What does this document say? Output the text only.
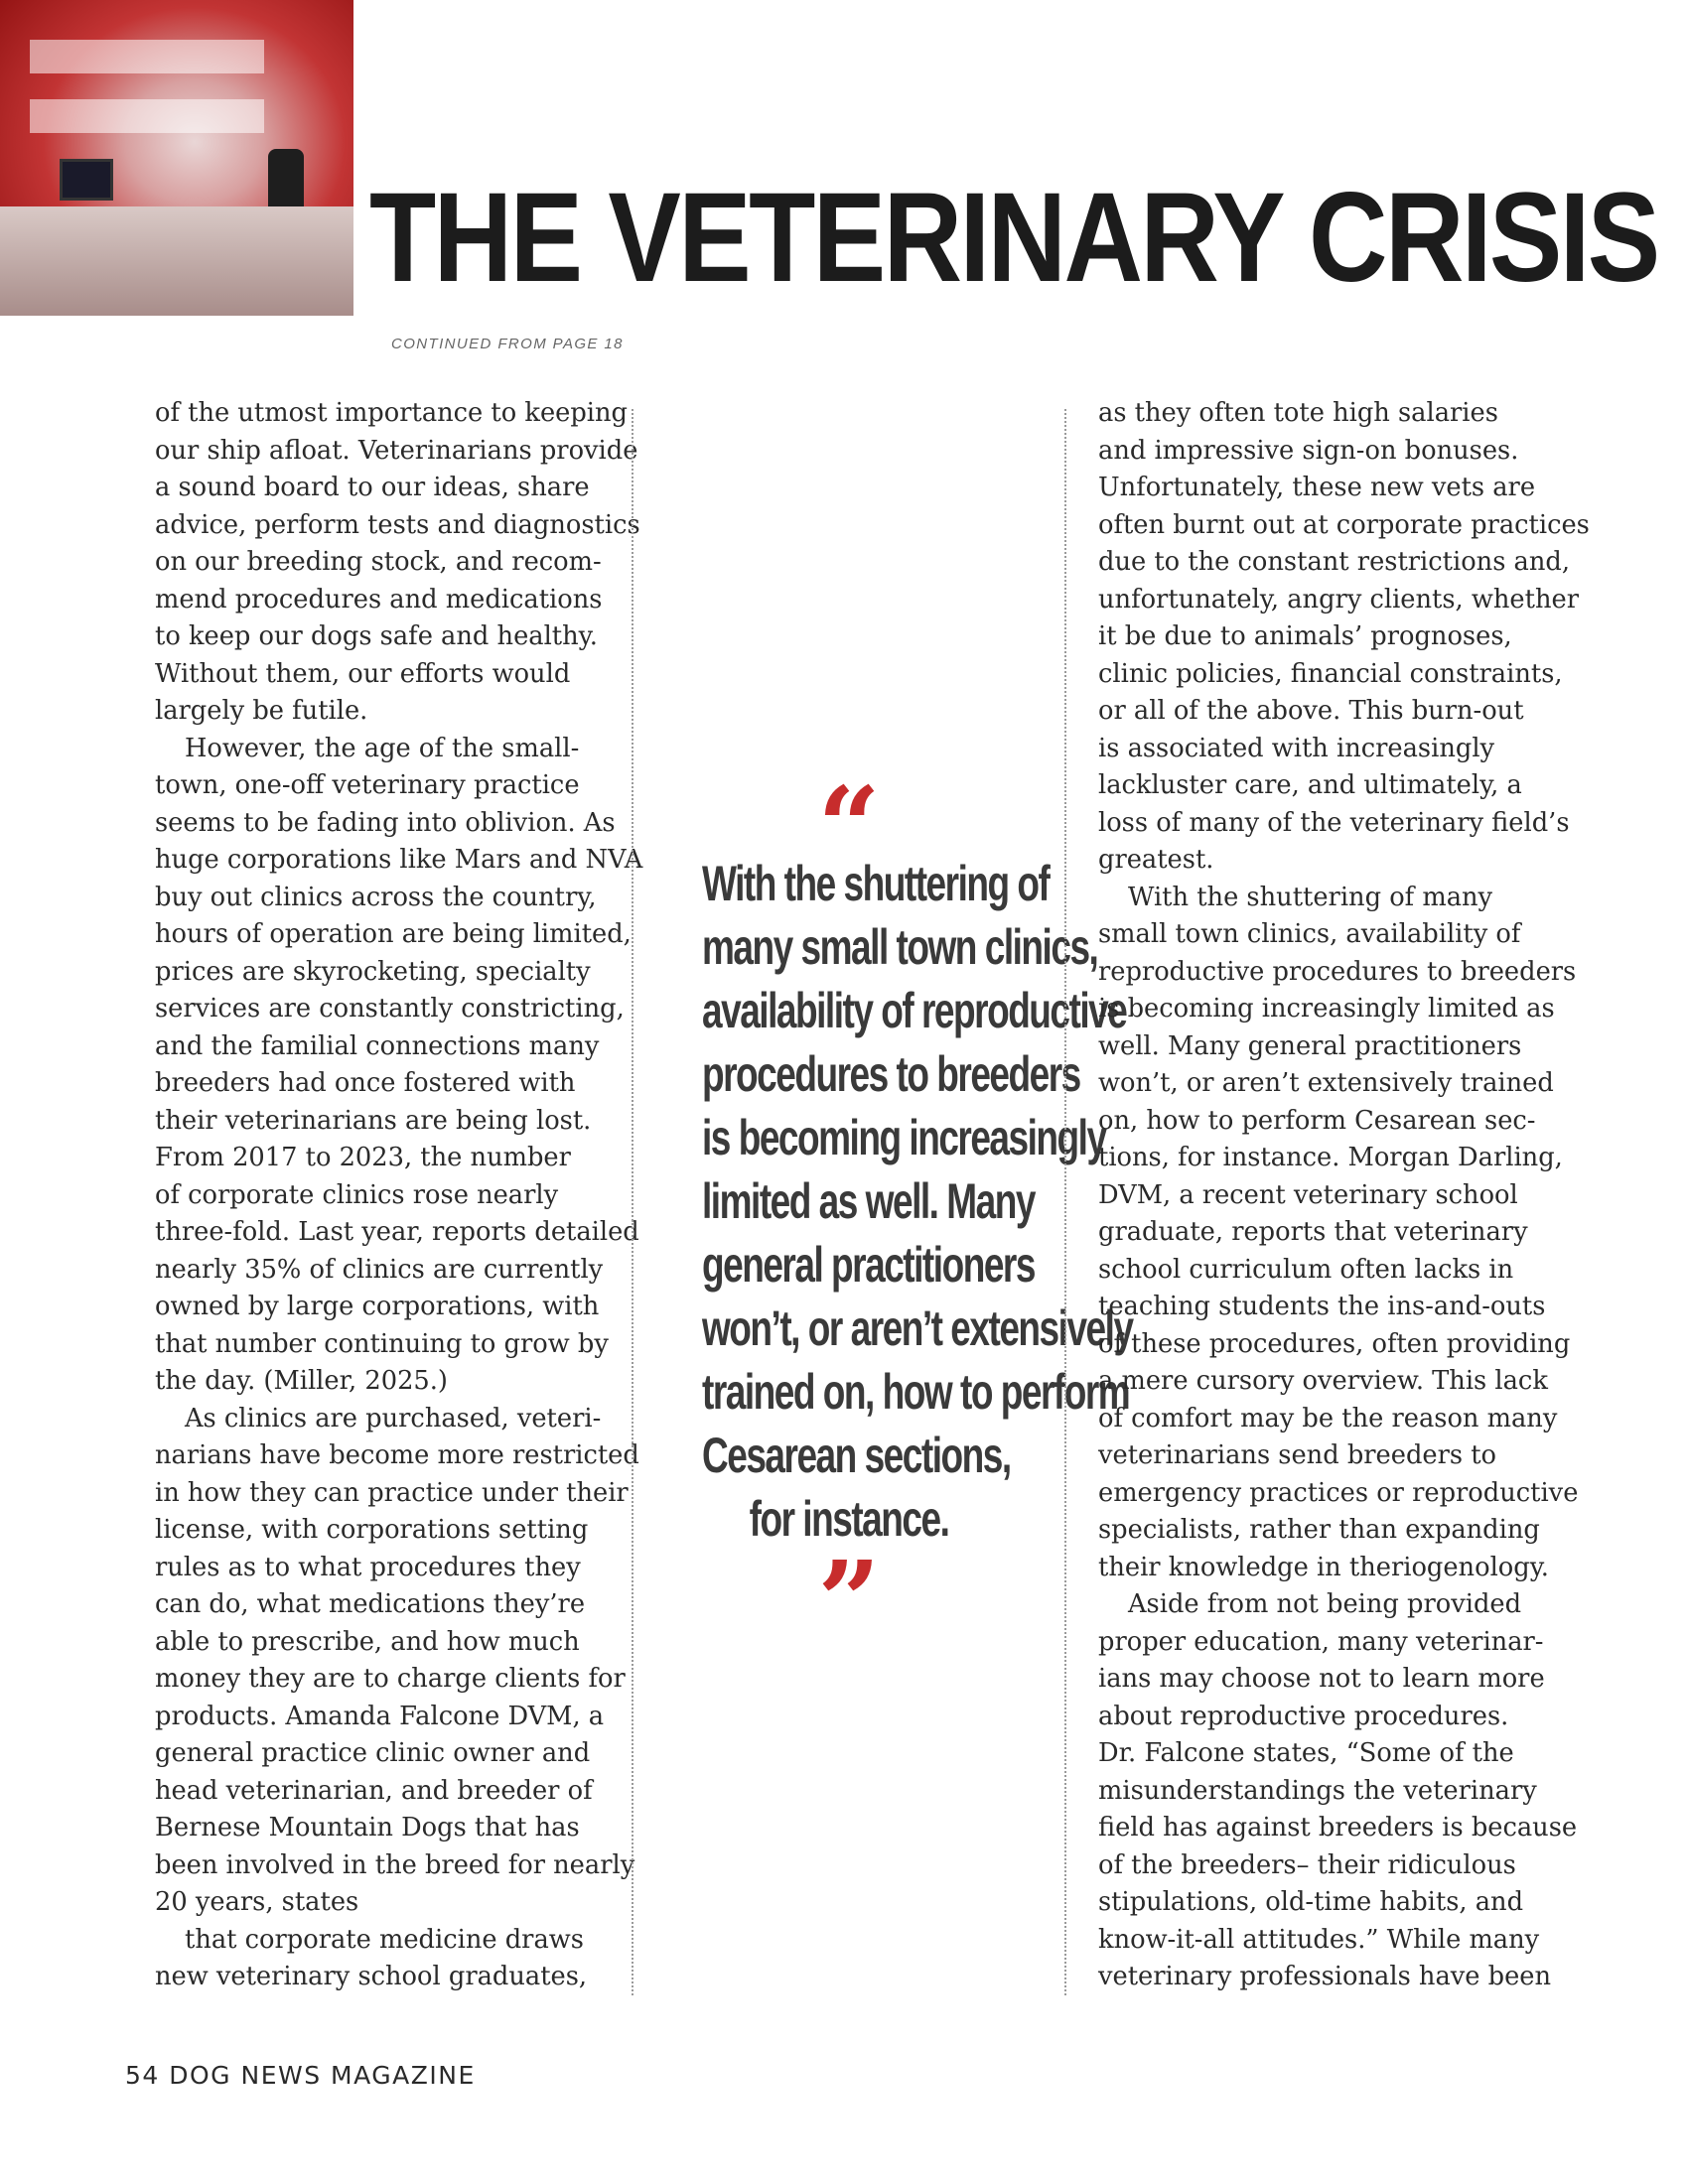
THE VETERINARY CRISIS
CONTINUED FROM PAGE 18

of the utmost importance to keeping
our ship afloat. Veterinarians provide
a sound board to our ideas, share
advice, perform tests and diagnostics
on our breeding stock, and recom-
mend procedures and medications
to keep our dogs safe and healthy.
Without them, our efforts would
largely be futile.

However, the age of the small-
town, one-off veterinary practice
seems to be fading into oblivion. As
huge corporations like Mars and NVA
buy out clinics across the country,
hours of operation are being limited,
prices are skyrocketing, specialty
services are constantly constricting,
and the familial connections many
breeders had once fostered with
their veterinarians are being lost.
From 2017 to 2023, the number
of corporate clinics rose nearly
three-fold. Last year, reports detailed
nearly 35% of clinics are currently
owned by large corporations, with
that number continuing to grow by
the day. (Miller, 2025.)

As clinics are purchased, veteri-
narians have become more restricted
in how they can practice under their
license, with corporations setting
rules as to what procedures they
can do, what medications they’re
able to prescribe, and how much
money they are to charge clients for
products. Amanda Falcone DVM, a
general practice clinic owner and
head veterinarian, and breeder of
Bernese Mountain Dogs that has
been involved in the breed for nearly
20 years, states

that corporate medicine draws
new veterinary school graduates,

“
With the shuttering of
many small town clinics,
availability of reproductive
procedures to breeders
is becoming increasingly
limited as well. Many
general practitioners
won’t, or aren’t extensively
trained on, how to perform
Cesarean sections,
for instance.
”

as they often tote high salaries
and impressive sign-on bonuses.
Unfortunately, these new vets are
often burnt out at corporate practices
due to the constant restrictions and,
unfortunately, angry clients, whether
it be due to animals’ prognoses,
clinic policies, financial constraints,
or all of the above. This burn-out
is associated with increasingly
lackluster care, and ultimately, a
loss of many of the veterinary field’s
greatest.

With the shuttering of many
small town clinics, availability of
reproductive procedures to breeders
is becoming increasingly limited as
well. Many general practitioners
won’t, or aren’t extensively trained
on, how to perform Cesarean sec-
tions, for instance. Morgan Darling,
DVM, a recent veterinary school
graduate, reports that veterinary
school curriculum often lacks in
teaching students the ins-and-outs
of these procedures, often providing
a mere cursory overview. This lack
of comfort may be the reason many
veterinarians send breeders to
emergency practices or reproductive
specialists, rather than expanding
their knowledge in theriogenology.

Aside from not being provided
proper education, many veterinar-
ians may choose not to learn more
about reproductive procedures.
Dr. Falcone states, “Some of the
misunderstandings the veterinary
field has against breeders is because
of the breeders– their ridiculous
stipulations, old-time habits, and
know-it-all attitudes.” While many
veterinary professionals have been

54 DOG NEWS MAGAZINE
